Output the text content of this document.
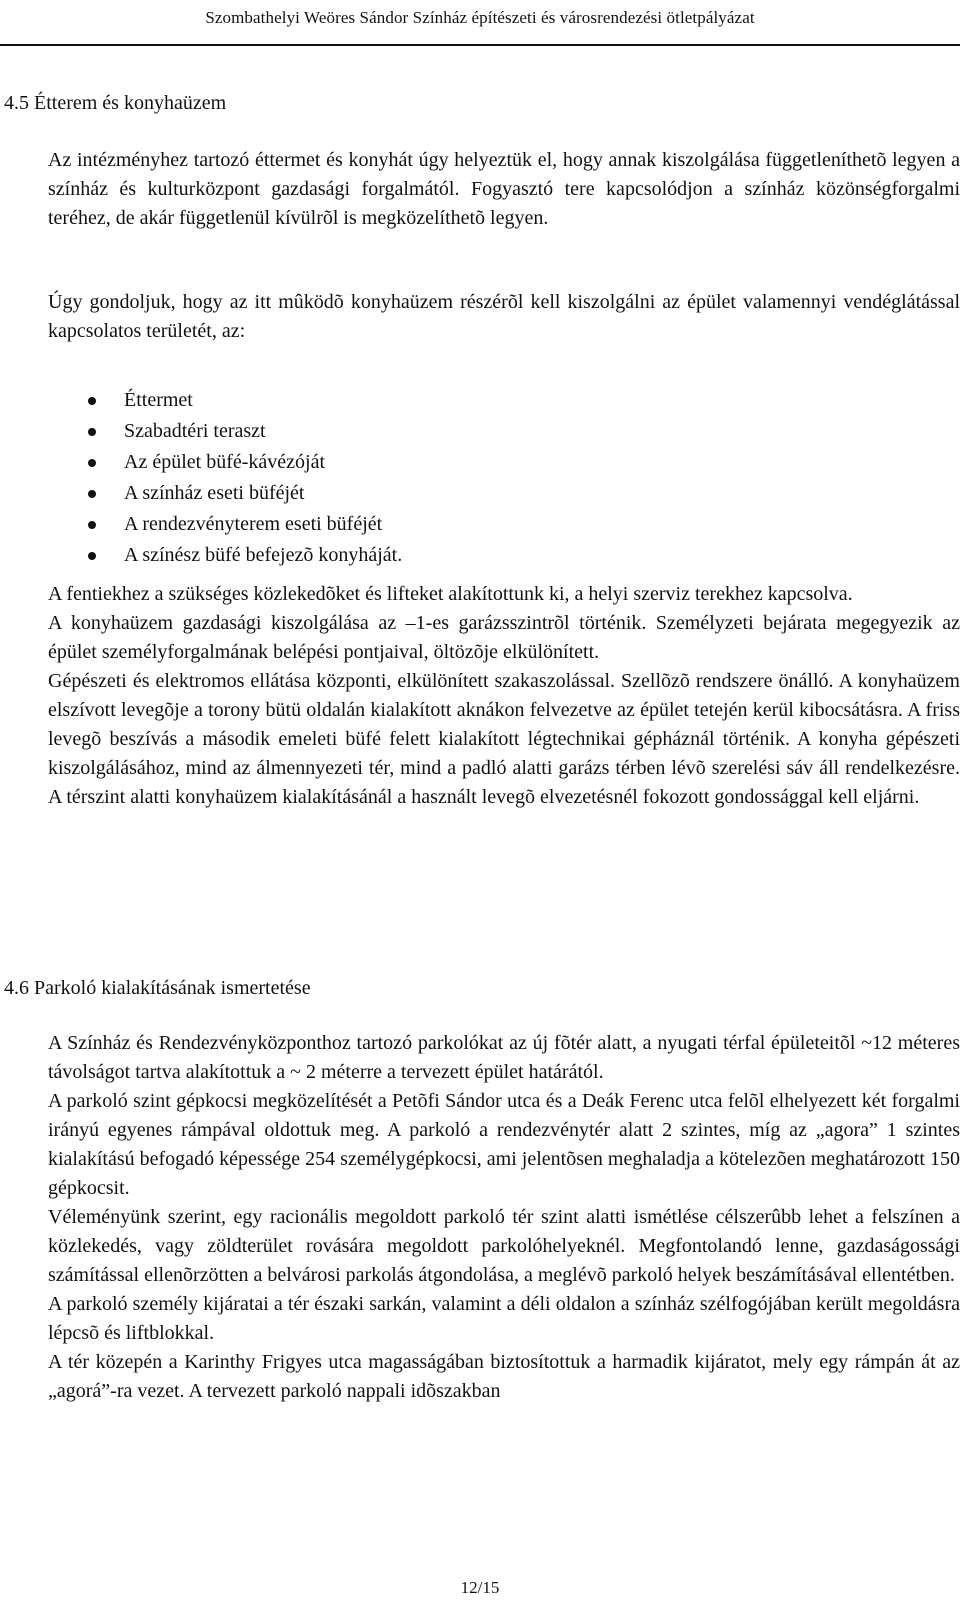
Szombathelyi Weöres Sándor Színház építészeti és városrendezési ötletpályázat
4.5 Étterem és konyhaüzem

Az intézményhez tartozó éttermet és konyhát úgy helyeztük el, hogy annak kiszolgálása függetleníthetõ legyen a színház és kulturközpont gazdasági forgalmától. Fogyasztó tere kapcsolódjon a színház közönségforgalmi teréhez, de akár függetlenül kívülrõl is megközelíthetõ legyen.

Úgy gondoljuk, hogy az itt mûködõ konyhaüzem részérõl kell kiszolgálni az épület valamennyi vendéglátással kapcsolatos területét, az:

Éttermet
Szabadtéri teraszt
Az épület büfé-kávézóját
A színház eseti büféjét
A rendezvényterem eseti büféjét
A színész büfé befejezõ konyháját.

A fentiekhez a szükséges közlekedõket és lifteket alakítottunk ki, a helyi szerviz terekhez kapcsolva.

A konyhaüzem gazdasági kiszolgálása az –1-es garázsszintrõl történik. Személyzeti bejárata megegyezik az épület személyforgalmának belépési pontjaival, öltözõje elkülönített.

Gépészeti és elektromos ellátása központi, elkülönített szakaszolással. Szellõzõ rendszere önálló. A konyhaüzem elszívott levegõje a torony bütü oldalán kialakított aknákon felvezetve az épület tetején kerül kibocsátásra. A friss levegõ beszívás a második emeleti büfé felett kialakított légtechnikai gépháznál történik. A konyha gépészeti kiszolgálásához, mind az álmennyezeti tér, mind a padló alatti garázs térben lévõ szerelési sáv áll rendelkezésre. A térszint alatti konyhaüzem kialakításánál a használt levegõ elvezetésnél fokozott gondossággal kell eljárni.

4.6 Parkoló kialakításának ismertetése

A Színház és Rendezvényközponthoz tartozó parkolókat az új fõtér alatt, a nyugati térfal épületeitõl ~12 méteres távolságot tartva alakítottuk a ~ 2 méterre a tervezett épület határától.

A parkoló szint gépkocsi megközelítését a Petõfi Sándor utca és a Deák Ferenc utca felõl elhelyezett két forgalmi irányú egyenes rámpával oldottuk meg. A parkoló a rendezvénytér alatt 2 szintes, míg az „agora” 1 szintes kialakítású befogadó képessége 254 személygépkocsi, ami jelentõsen meghaladja a kötelezõen meghatározott 150 gépkocsit.

Véleményünk szerint, egy racionális megoldott parkoló tér szint alatti ismétlése célszerûbb lehet a felszínen a közlekedés, vagy zöldterület rovására megoldott parkolóhelyeknél. Megfontolandó lenne, gazdaságossági számítással ellenõrzötten a belvárosi parkolás átgondolása, a meglévõ parkoló helyek beszámításával ellentétben.

A parkoló személy kijáratai a tér északi sarkán, valamint a déli oldalon a színház szélfogójában került megoldásra lépcsõ és liftblokkal.

A tér közepén a Karinthy Frigyes utca magasságában biztosítottuk a harmadik kijáratot, mely egy rámpán át az „agorá”-ra vezet. A tervezett parkoló nappali idõszakban

12/15
